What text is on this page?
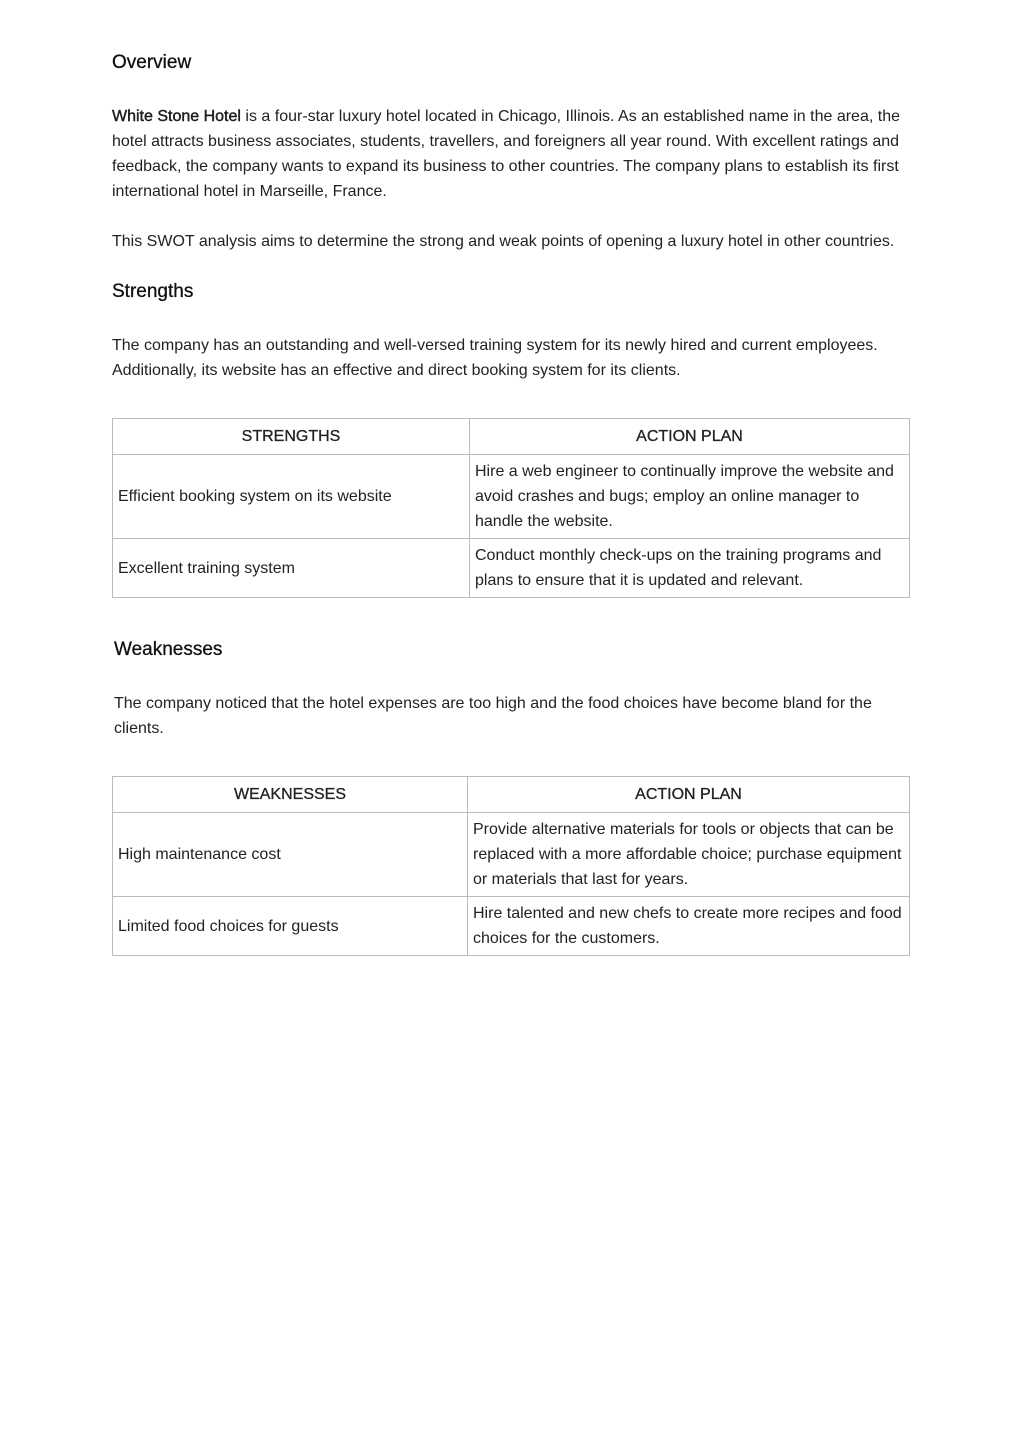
Overview

White Stone Hotel is a four-star luxury hotel located in Chicago, Illinois. As an established name in the area, the hotel attracts business associates, students, travellers, and foreigners all year round. With excellent ratings and feedback, the company wants to expand its business to other countries. The company plans to establish its first international hotel in Marseille, France.

This SWOT analysis aims to determine the strong and weak points of opening a luxury hotel in other countries.

Strengths

The company has an outstanding and well-versed training system for its newly hired and current employees. Additionally, its website has an effective and direct booking system for its clients.

STRENGTHS	ACTION PLAN
Efficient booking system on its website	Hire a web engineer to continually improve the website and avoid crashes and bugs; employ an online manager to handle the website.
Excellent training system	Conduct monthly check-ups on the training programs and plans to ensure that it is updated and relevant.
Weaknesses

The company noticed that the hotel expenses are too high and the food choices have become bland for the clients.

WEAKNESSES	ACTION PLAN
High maintenance cost	Provide alternative materials for tools or objects that can be replaced with a more affordable choice; purchase equipment or materials that last for years.
Limited food choices for guests	Hire talented and new chefs to create more recipes and food choices for the customers.
